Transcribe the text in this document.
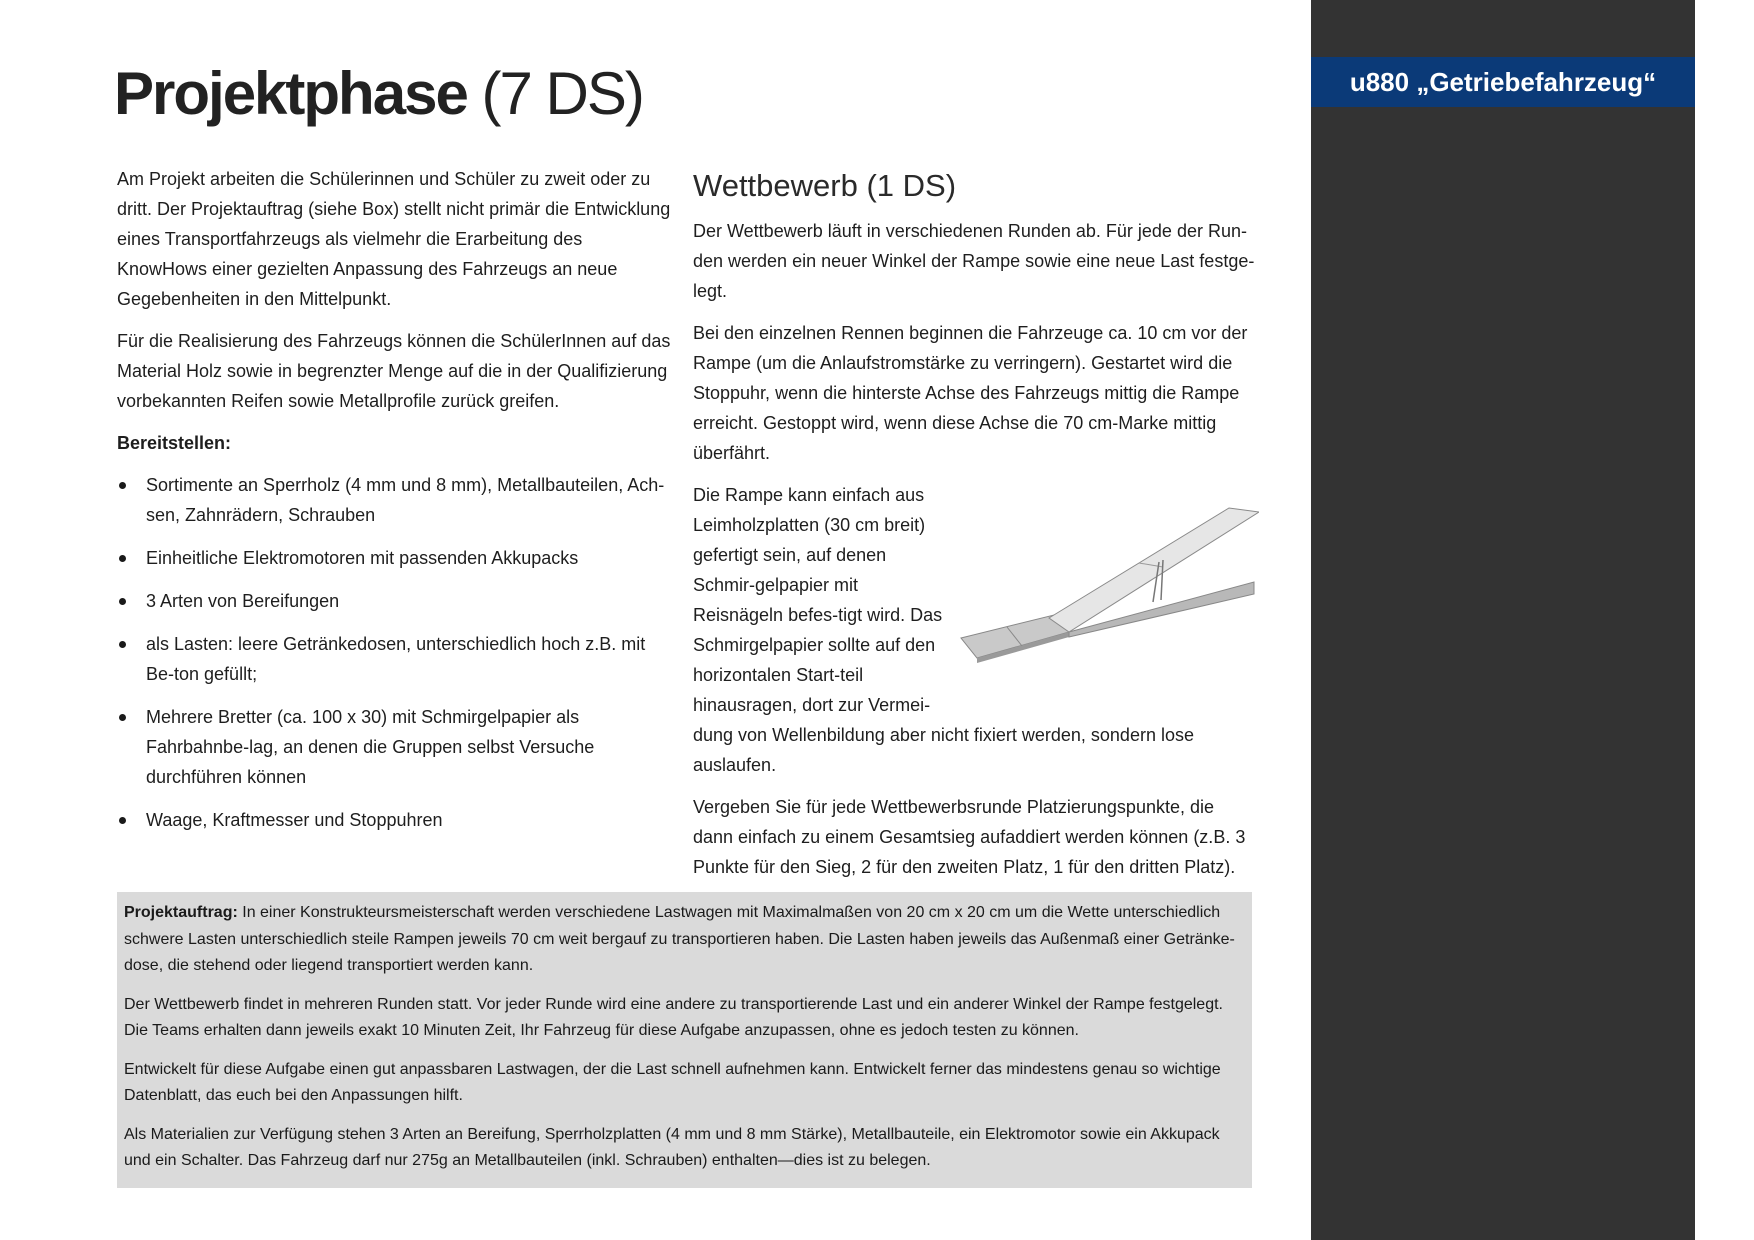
Projektphase (7 DS)

Am Projekt arbeiten die Schülerinnen und Schüler zu zweit oder zu dritt. Der Projektauftrag (siehe Box) stellt nicht primär die Entwicklung eines Transportfahrzeugs als vielmehr die Erarbeitung des KnowHows einer gezielten Anpassung des Fahrzeugs an neue Gegebenheiten in den Mittelpunkt.

Für die Realisierung des Fahrzeugs können die SchülerInnen auf das Material Holz sowie in begrenzter Menge auf die in der Qualifizierung vorbekannten Reifen sowie Metallprofile zurück greifen.

Bereitstellen:

Sortimente an Sperrholz (4 mm und 8 mm), Metallbauteilen, Ach-sen, Zahnrädern, Schrauben
Einheitliche Elektromotoren mit passenden Akkupacks
3 Arten von Bereifungen
als Lasten: leere Getränkedosen, unterschiedlich hoch z.B. mit Be-ton gefüllt;
Mehrere Bretter (ca. 100 x 30) mit Schmirgelpapier als Fahrbahnbe-lag, an denen die Gruppen selbst Versuche durchführen können
Waage, Kraftmesser und Stoppuhren
Wettbewerb (1 DS)

Der Wettbewerb läuft in verschiedenen Runden ab. Für jede der Run-den werden ein neuer Winkel der Rampe sowie eine neue Last festge-legt.

Bei den einzelnen Rennen beginnen die Fahrzeuge ca. 10 cm vor der Rampe (um die Anlaufstromstärke zu verringern). Gestartet wird die Stoppuhr, wenn die hinterste Achse des Fahrzeugs mittig die Rampe erreicht. Gestoppt wird, wenn diese Achse die 70 cm-Marke mittig überfährt.

Die Rampe kann einfach aus Leimholzplatten (30 cm breit) gefertigt sein, auf denen Schmir-gelpapier mit Reisnägeln befes-tigt wird. Das Schmirgelpapier sollte auf den horizontalen Start-teil hinausragen, dort zur Vermei-dung von Wellenbildung aber nicht fixiert werden, sondern lose auslaufen.

Vergeben Sie für jede Wettbewerbsrunde Platzierungspunkte, die dann einfach zu einem Gesamtsieg aufaddiert werden können (z.B. 3 Punkte für den Sieg, 2 für den zweiten Platz, 1 für den dritten Platz).

Projektauftrag: In einer Konstrukteursmeisterschaft werden verschiedene Lastwagen mit Maximalmaßen von 20 cm x 20 cm um die Wette unterschiedlich schwere Lasten unterschiedlich steile Rampen jeweils 70 cm weit bergauf zu transportieren haben. Die Lasten haben jeweils das Außenmaß einer Getränke-dose, die stehend oder liegend transportiert werden kann.

Der Wettbewerb findet in mehreren Runden statt. Vor jeder Runde wird eine andere zu transportierende Last und ein anderer Winkel der Rampe festgelegt. Die Teams erhalten dann jeweils exakt 10 Minuten Zeit, Ihr Fahrzeug für diese Aufgabe anzupassen, ohne es jedoch testen zu können.

Entwickelt für diese Aufgabe einen gut anpassbaren Lastwagen, der die Last schnell aufnehmen kann. Entwickelt ferner das mindestens genau so wichtige Datenblatt, das euch bei den Anpassungen hilft.

Als Materialien zur Verfügung stehen 3 Arten an Bereifung, Sperrholzplatten (4 mm und 8 mm Stärke), Metallbauteile, ein Elektromotor sowie ein Akkupack und ein Schalter. Das Fahrzeug darf nur 275g an Metallbauteilen (inkl. Schrauben) enthalten—dies ist zu belegen.

u880 „Getriebefahrzeug“
